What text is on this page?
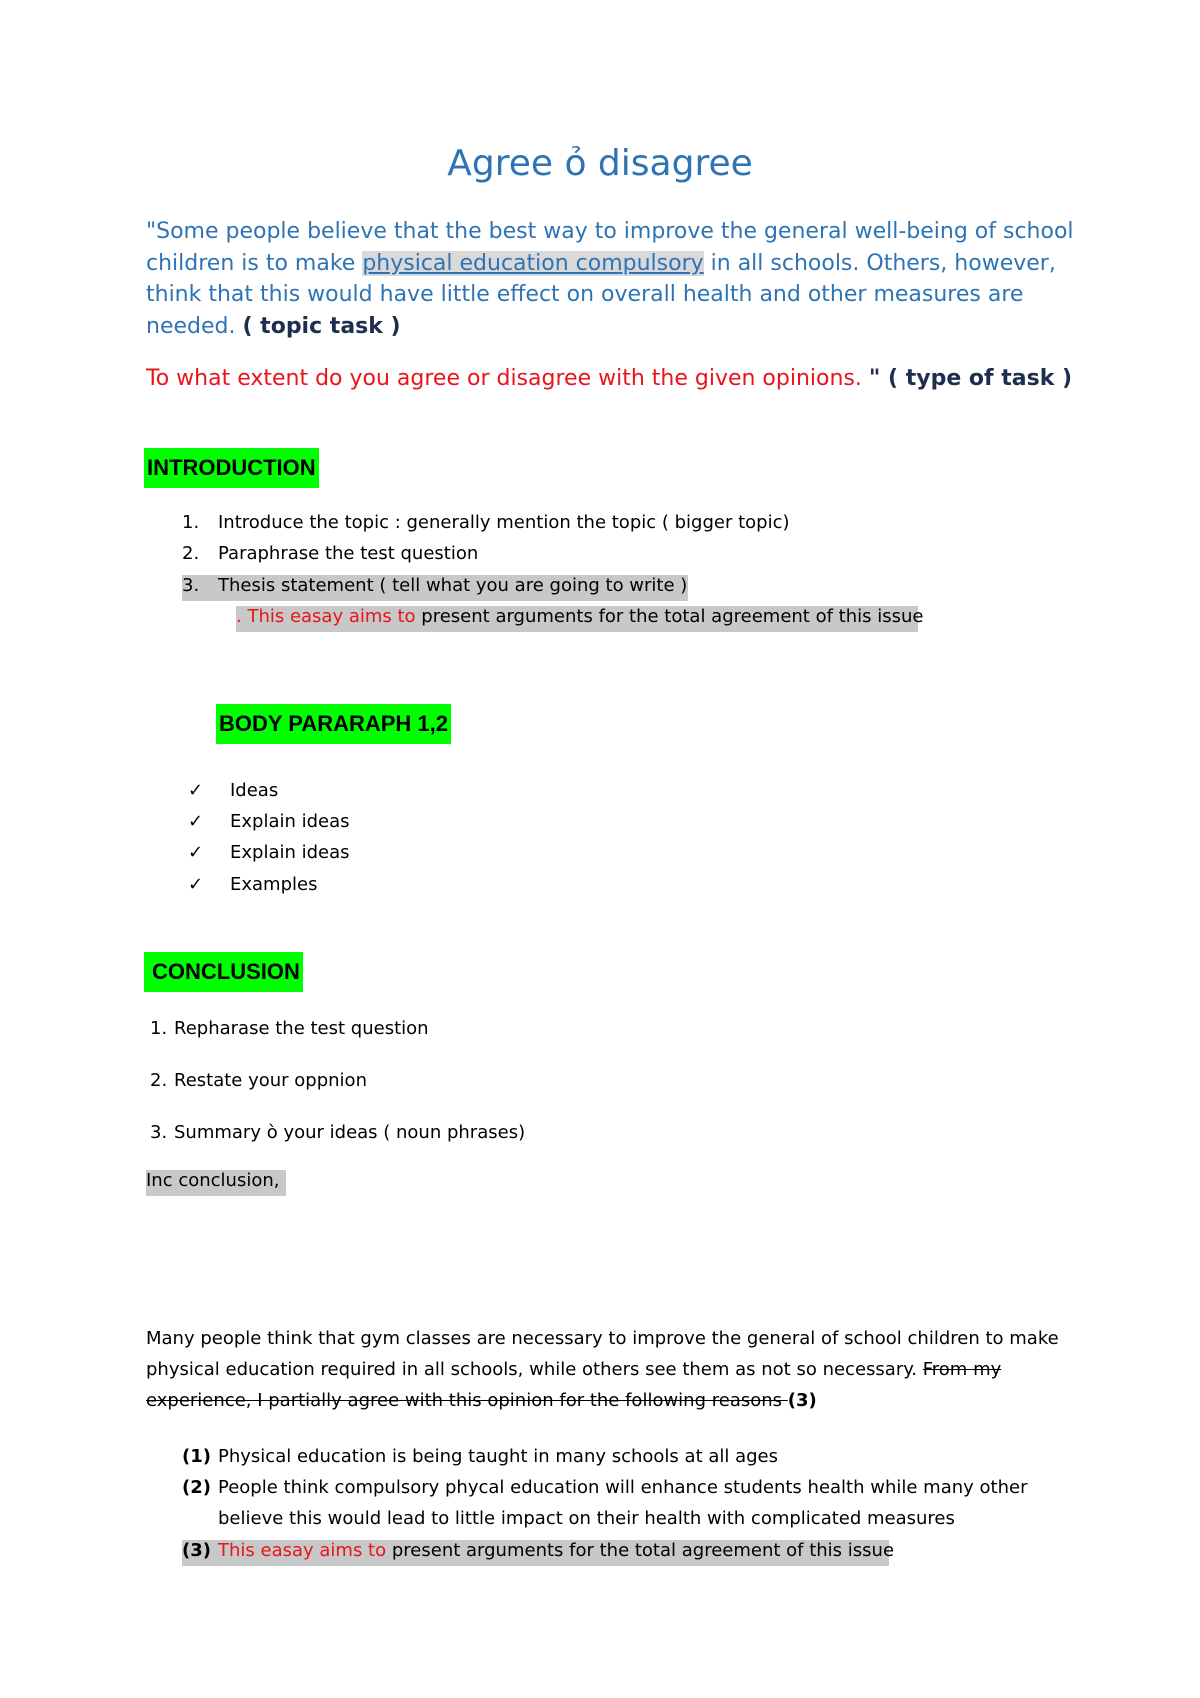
Agree ỏ disagree
"Some people believe that the best way to improve the general well-being of school children is to make physical education compulsory in all schools. Others, however, think that this would have little effect on overall health and other measures are needed. ( topic task )
To what extent do you agree or disagree with the given opinions. " ( type of task )
INTRODUCTION
1. Introduce the topic : generally mention the topic ( bigger topic)
2. Paraphrase the test question
3. Thesis statement ( tell what you are going to write )
. This easay aims to present arguments for the total agreement of this issue
BODY PARARAPH 1,2
✓ Ideas
✓ Explain ideas
✓ Explain ideas
✓ Examples
CONCLUSION
1. Repharase the test question
2. Restate your oppnion
3. Summary ò your ideas ( noun phrases)
Inc conclusion,
Many people think that gym classes are necessary to improve the general of school children to make
physical education required in all schools, while others see them as not so necessary. From my
experience, I partially agree with this opinion for the following reasons (3)
(1) Physical education is being taught in many schools at all ages
(2) People think compulsory phycal education will enhance students health while many other
believe this would lead to little impact on their health with complicated measures
(3) This easay aims to present arguments for the total agreement of this issue
